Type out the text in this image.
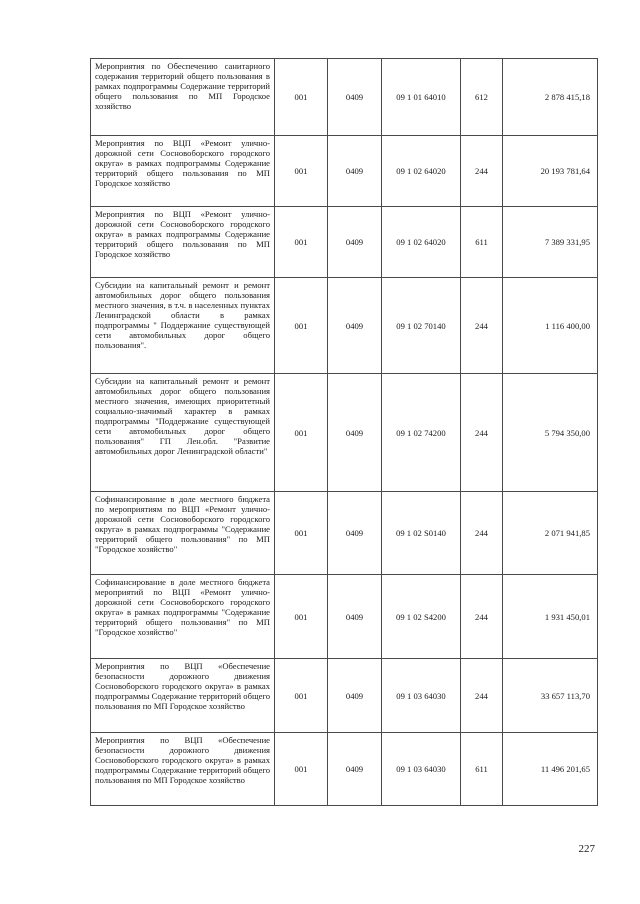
Мероприятия по Обеспечению санитарного содержания территорий общего пользования в рамках подпрограммы Содержание территорий общего пользования по МП Городское хозяйство	001	0409	09 1 01 64010	612	2 878 415,18
Мероприятия по ВЦП «Ремонт улично-дорожной сети Сосновоборского городского округа» в рамках подпрограммы Содержание территорий общего пользования по МП Городское хозяйство	001	0409	09 1 02 64020	244	20 193 781,64
Мероприятия по ВЦП «Ремонт улично-дорожной сети Сосновоборского городского округа» в рамках подпрограммы Содержание территорий общего пользования по МП Городское хозяйство	001	0409	09 1 02 64020	611	7 389 331,95
Субсидии на капитальный ремонт и ремонт автомобильных дорог общего пользования местного значения, в т.ч. в населенных пунктах Ленинградской области в рамках подпрограммы " Поддержание существующей сети автомобильных дорог общего пользования".	001	0409	09 1 02 70140	244	1 116 400,00
Субсидии на капитальный ремонт и ремонт автомобильных дорог общего пользования местного значения, имеющих приоритетный социально-значимый характер в рамках подпрограммы "Поддержание существующей сети автомобильных дорог общего пользования" ГП Лен.обл. "Развитие автомобильных дорог Ленинградской области"	001	0409	09 1 02 74200	244	5 794 350,00
Софинансирование в доле местного бюджета по мероприятиям по ВЦП «Ремонт улично-дорожной сети Сосновоборского городского округа» в рамках подпрограммы "Содержание территорий общего пользования" по МП "Городское хозяйство"	001	0409	09 1 02 S0140	244	2 071 941,85
Софинансирование в доле местного бюджета мероприятий по ВЦП «Ремонт улично-дорожной сети Сосновоборского городского округа» в рамках подпрограммы "Содержание территорий общего пользования" по МП "Городское хозяйство"	001	0409	09 1 02 S4200	244	1 931 450,01
Мероприятия по ВЦП «Обеспечение безопасности дорожного движения Сосновоборского городского округа» в рамках подпрограммы Содержание территорий общего пользования по МП Городское хозяйство	001	0409	09 1 03 64030	244	33 657 113,70
Мероприятия по ВЦП «Обеспечение безопасности дорожного движения Сосновоборского городского округа» в рамках подпрограммы Содержание территорий общего пользования по МП Городское хозяйство	001	0409	09 1 03 64030	611	11 496 201,65
227
